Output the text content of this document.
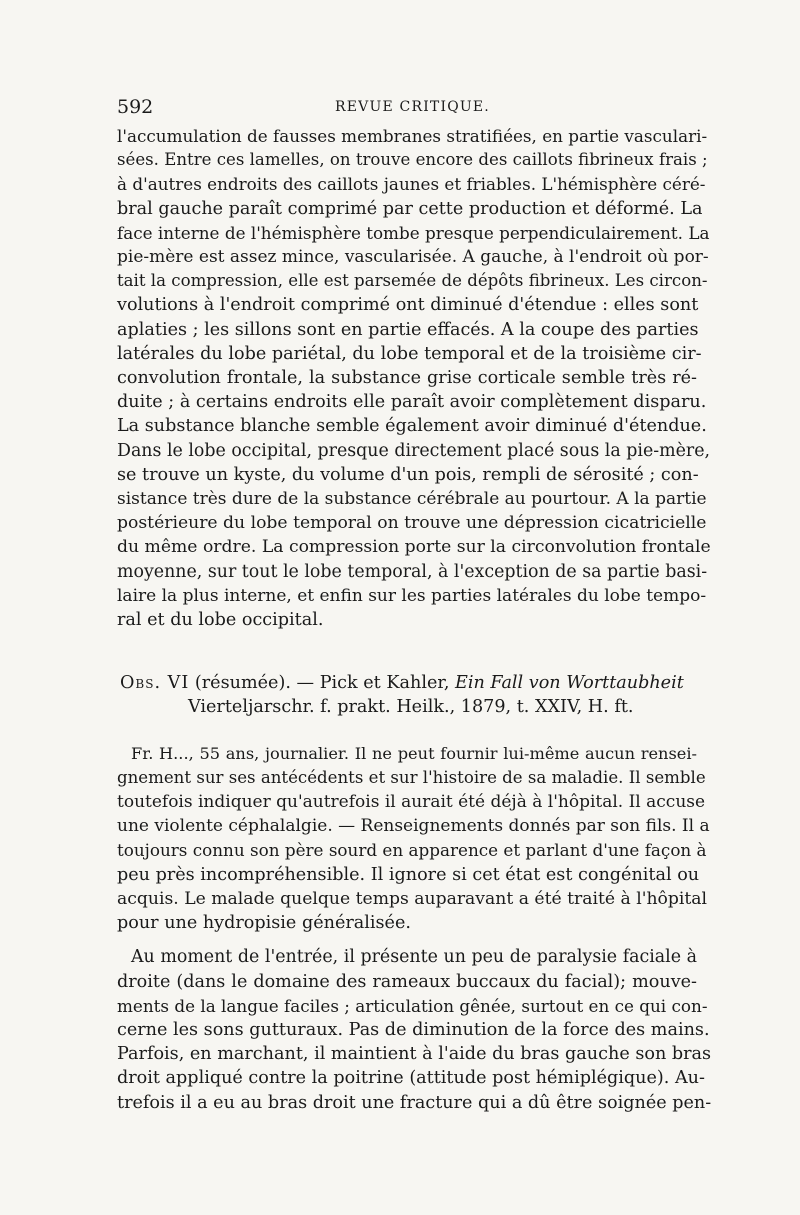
592	REVUE CRITIQUE.
l'accumulation de fausses membranes stratifiées, en partie vasculari-
sées. Entre ces lamelles, on trouve encore des caillots fibrineux frais ;
à d'autres endroits des caillots jaunes et friables. L'hémisphère céré-
bral gauche paraît comprimé par cette production et déformé. La
face interne de l'hémisphère tombe presque perpendiculairement. La
pie-mère est assez mince, vascularisée. A gauche, à l'endroit où por-
tait la compression, elle est parsemée de dépôts fibrineux. Les circon-
volutions à l'endroit comprimé ont diminué d'étendue : elles sont
aplaties ; les sillons sont en partie effacés. A la coupe des parties
latérales du lobe pariétal, du lobe temporal et de la troisième cir-
convolution frontale, la substance grise corticale semble très ré-
duite ; à certains endroits elle paraît avoir complètement disparu.
La substance blanche semble également avoir diminué d'étendue.
Dans le lobe occipital, presque directement placé sous la pie-mère,
se trouve un kyste, du volume d'un pois, rempli de sérosité ; con-
sistance très dure de la substance cérébrale au pourtour. A la partie
postérieure du lobe temporal on trouve une dépression cicatricielle
du même ordre. La compression porte sur la circonvolution frontale
moyenne, sur tout le lobe temporal, à l'exception de sa partie basi-
laire la plus interne, et enfin sur les parties latérales du lobe tempo-
ral et du lobe occipital.
Obs. VI (résumée). — Pick et Kahler, Ein Fall von Worttaubheit
Vierteljarschr. f. prakt. Heilk., 1879, t. XXIV, H. ft.
Fr. H..., 55 ans, journalier. Il ne peut fournir lui-même aucun rensei-
gnement sur ses antécédents et sur l'histoire de sa maladie. Il semble
toutefois indiquer qu'autrefois il aurait été déjà à l'hôpital. Il accuse
une violente céphalalgie. — Renseignements donnés par son fils. Il a
toujours connu son père sourd en apparence et parlant d'une façon à
peu près incompréhensible. Il ignore si cet état est congénital ou
acquis. Le malade quelque temps auparavant a été traité à l'hôpital
pour une hydropisie généralisée.
Au moment de l'entrée, il présente un peu de paralysie faciale à
droite (dans le domaine des rameaux buccaux du facial); mouve-
ments de la langue faciles ; articulation gênée, surtout en ce qui con-
cerne les sons gutturaux. Pas de diminution de la force des mains.
Parfois, en marchant, il maintient à l'aide du bras gauche son bras
droit appliqué contre la poitrine (attitude post hémiplégique). Au-
trefois il a eu au bras droit une fracture qui a dû être soignée pen-
